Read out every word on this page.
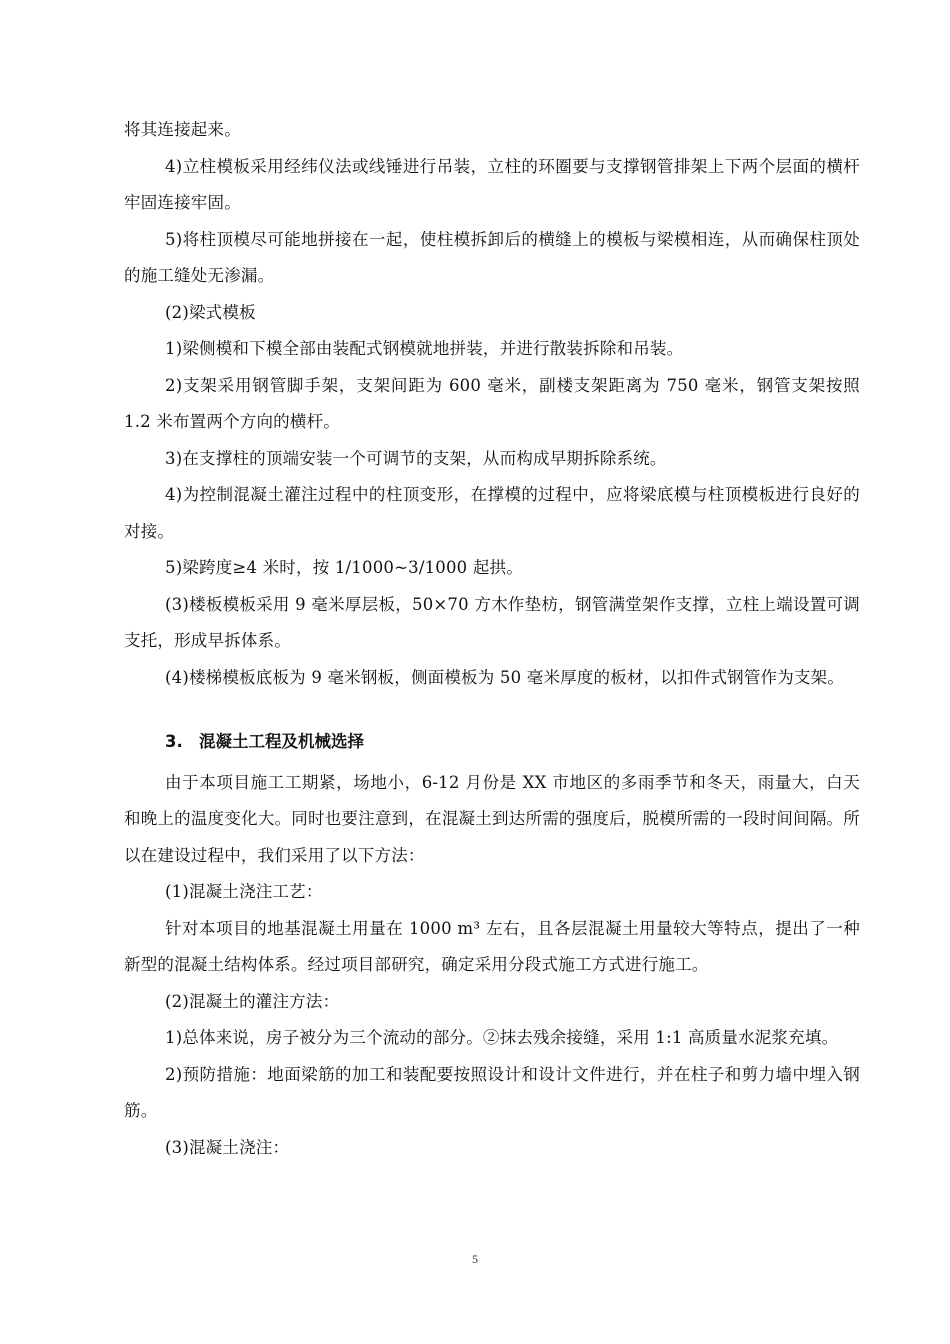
将其连接起来。

4)立柱模板采用经纬仪法或线锤进行吊装，立柱的环圈要与支撑钢管排架上下两个层面的横杆牢固连接牢固。

5)将柱顶模尽可能地拼接在一起，使柱模拆卸后的横缝上的模板与梁模相连，从而确保柱顶处的施工缝处无渗漏。

(2)梁式模板

1)梁侧模和下模全部由装配式钢模就地拼装，并进行散装拆除和吊装。

2)支架采用钢管脚手架，支架间距为 600 毫米，副楼支架距离为 750 毫米，钢管支架按照 1.2 米布置两个方向的横杆。

3)在支撑柱的顶端安装一个可调节的支架，从而构成早期拆除系统。

4)为控制混凝土灌注过程中的柱顶变形，在撑模的过程中，应将梁底模与柱顶模板进行良好的对接。

5)梁跨度≥4 米时，按 1/1000~3/1000 起拱。

(3)楼板模板采用 9 毫米厚层板，50×70 方木作垫枋，钢管满堂架作支撑，立柱上端设置可调支托，形成早拆体系。

(4)楼梯模板底板为 9 毫米钢板，侧面模板为 50 毫米厚度的板材，以扣件式钢管作为支架。

3. 混凝土工程及机械选择

由于本项目施工工期紧，场地小，6-12 月份是 XX 市地区的多雨季节和冬天，雨量大，白天和晚上的温度变化大。同时也要注意到，在混凝土到达所需的强度后，脱模所需的一段时间间隔。所以在建设过程中，我们采用了以下方法：

(1)混凝土浇注工艺：

针对本项目的地基混凝土用量在 1000 m³ 左右，且各层混凝土用量较大等特点，提出了一种新型的混凝土结构体系。经过项目部研究，确定采用分段式施工方式进行施工。

(2)混凝土的灌注方法：

1)总体来说，房子被分为三个流动的部分。②抹去残余接缝，采用 1:1 高质量水泥浆充填。

2)预防措施：地面梁筋的加工和装配要按照设计和设计文件进行，并在柱子和剪力墙中埋入钢筋。

(3)混凝土浇注：

5
